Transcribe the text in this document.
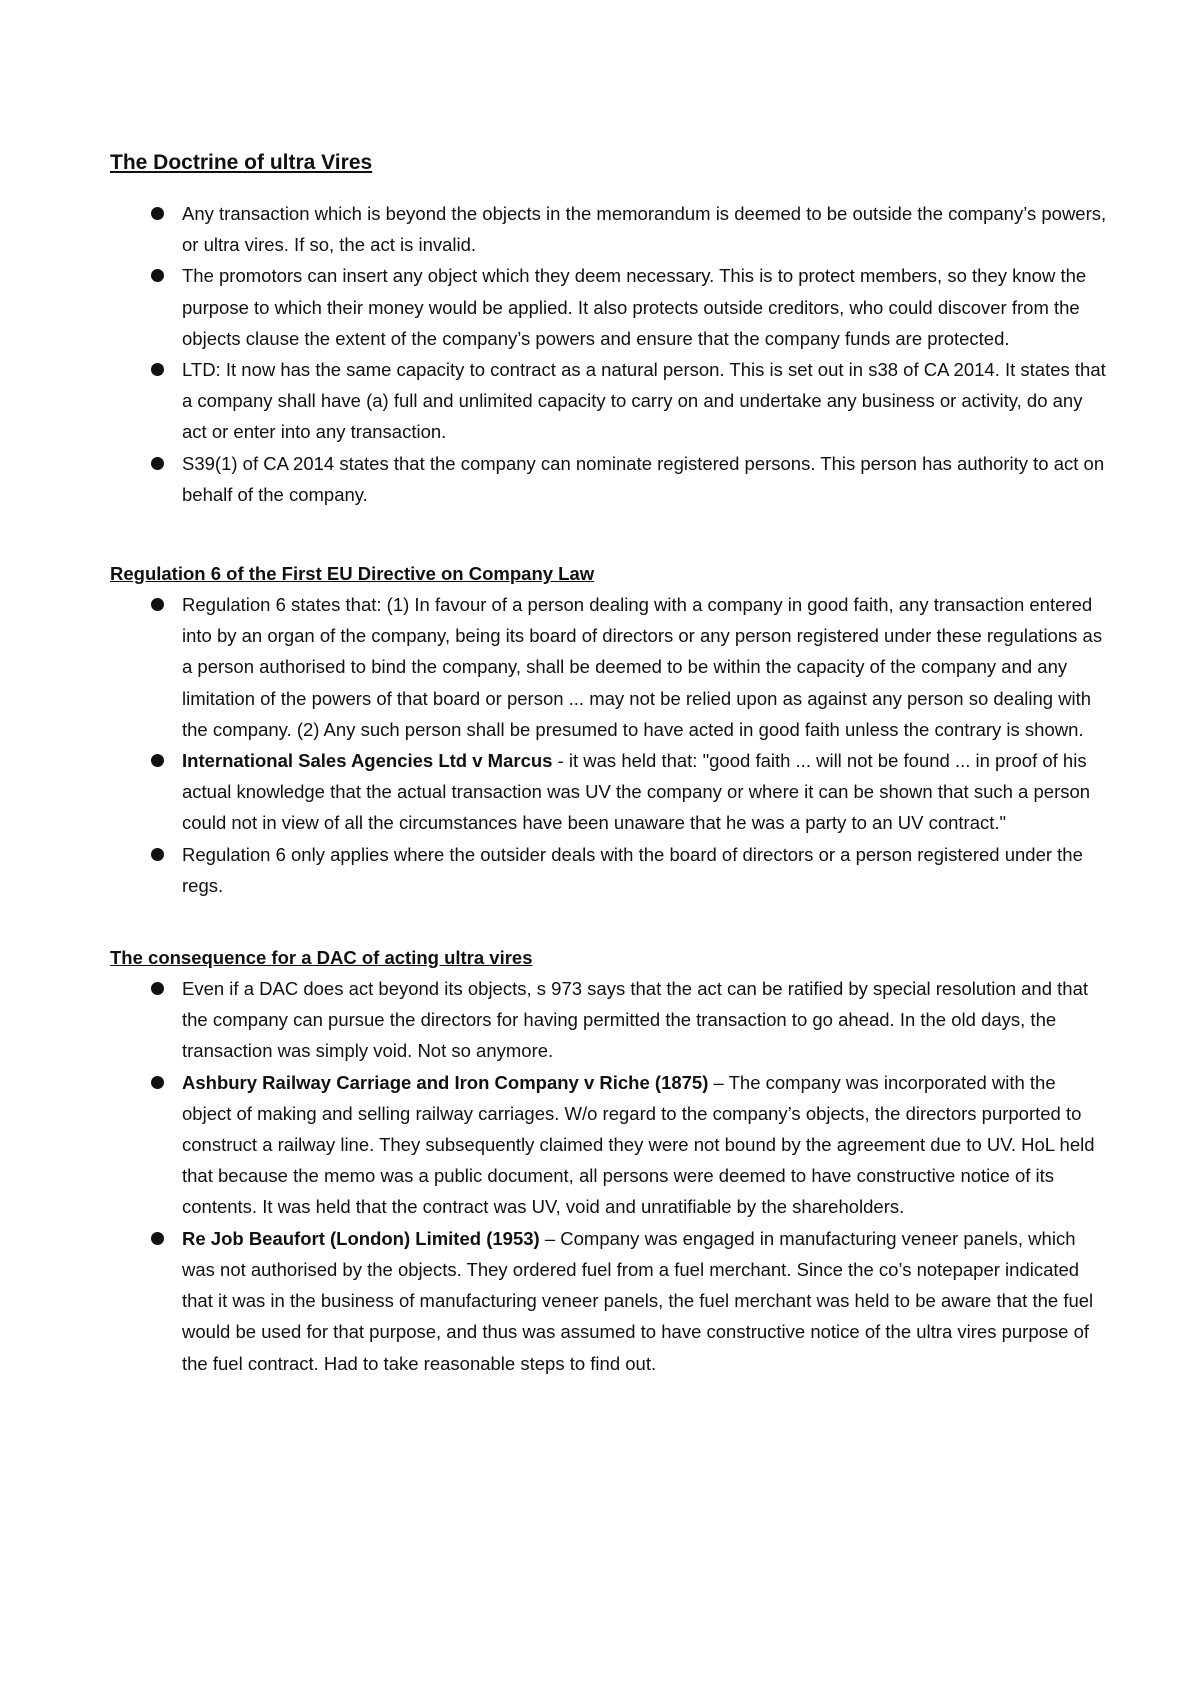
The Doctrine of ultra Vires
Any transaction which is beyond the objects in the memorandum is deemed to be outside the company’s powers, or ultra vires. If so, the act is invalid.
The promotors can insert any object which they deem necessary. This is to protect members, so they know the purpose to which their money would be applied. It also protects outside creditors, who could discover from the objects clause the extent of the company’s powers and ensure that the company funds are protected.
LTD: It now has the same capacity to contract as a natural person. This is set out in s38 of CA 2014. It states that a company shall have (a) full and unlimited capacity to carry on and undertake any business or activity, do any act or enter into any transaction.
S39(1) of CA 2014 states that the company can nominate registered persons. This person has authority to act on behalf of the company.
Regulation 6 of the First EU Directive on Company Law
Regulation 6 states that: (1) In favour of a person dealing with a company in good faith, any transaction entered into by an organ of the company, being its board of directors or any person registered under these regulations as a person authorised to bind the company, shall be deemed to be within the capacity of the company and any limitation of the powers of that board or person ... may not be relied upon as against any person so dealing with the company. (2) Any such person shall be presumed to have acted in good faith unless the contrary is shown.
International Sales Agencies Ltd v Marcus - it was held that: "good faith ... will not be found ... in proof of his actual knowledge that the actual transaction was UV the company or where it can be shown that such a person could not in view of all the circumstances have been unaware that he was a party to an UV contract."
Regulation 6 only applies where the outsider deals with the board of directors or a person registered under the regs.
The consequence for a DAC of acting ultra vires
Even if a DAC does act beyond its objects, s 973 says that the act can be ratified by special resolution and that the company can pursue the directors for having permitted the transaction to go ahead. In the old days, the transaction was simply void. Not so anymore.
Ashbury Railway Carriage and Iron Company v Riche (1875) – The company was incorporated with the object of making and selling railway carriages. W/o regard to the company’s objects, the directors purported to construct a railway line. They subsequently claimed they were not bound by the agreement due to UV. HoL held that because the memo was a public document, all persons were deemed to have constructive notice of its contents. It was held that the contract was UV, void and unratifiable by the shareholders.
Re Job Beaufort (London) Limited (1953) – Company was engaged in manufacturing veneer panels, which was not authorised by the objects. They ordered fuel from a fuel merchant. Since the co’s notepaper indicated that it was in the business of manufacturing veneer panels, the fuel merchant was held to be aware that the fuel would be used for that purpose, and thus was assumed to have constructive notice of the ultra vires purpose of the fuel contract. Had to take reasonable steps to find out.
